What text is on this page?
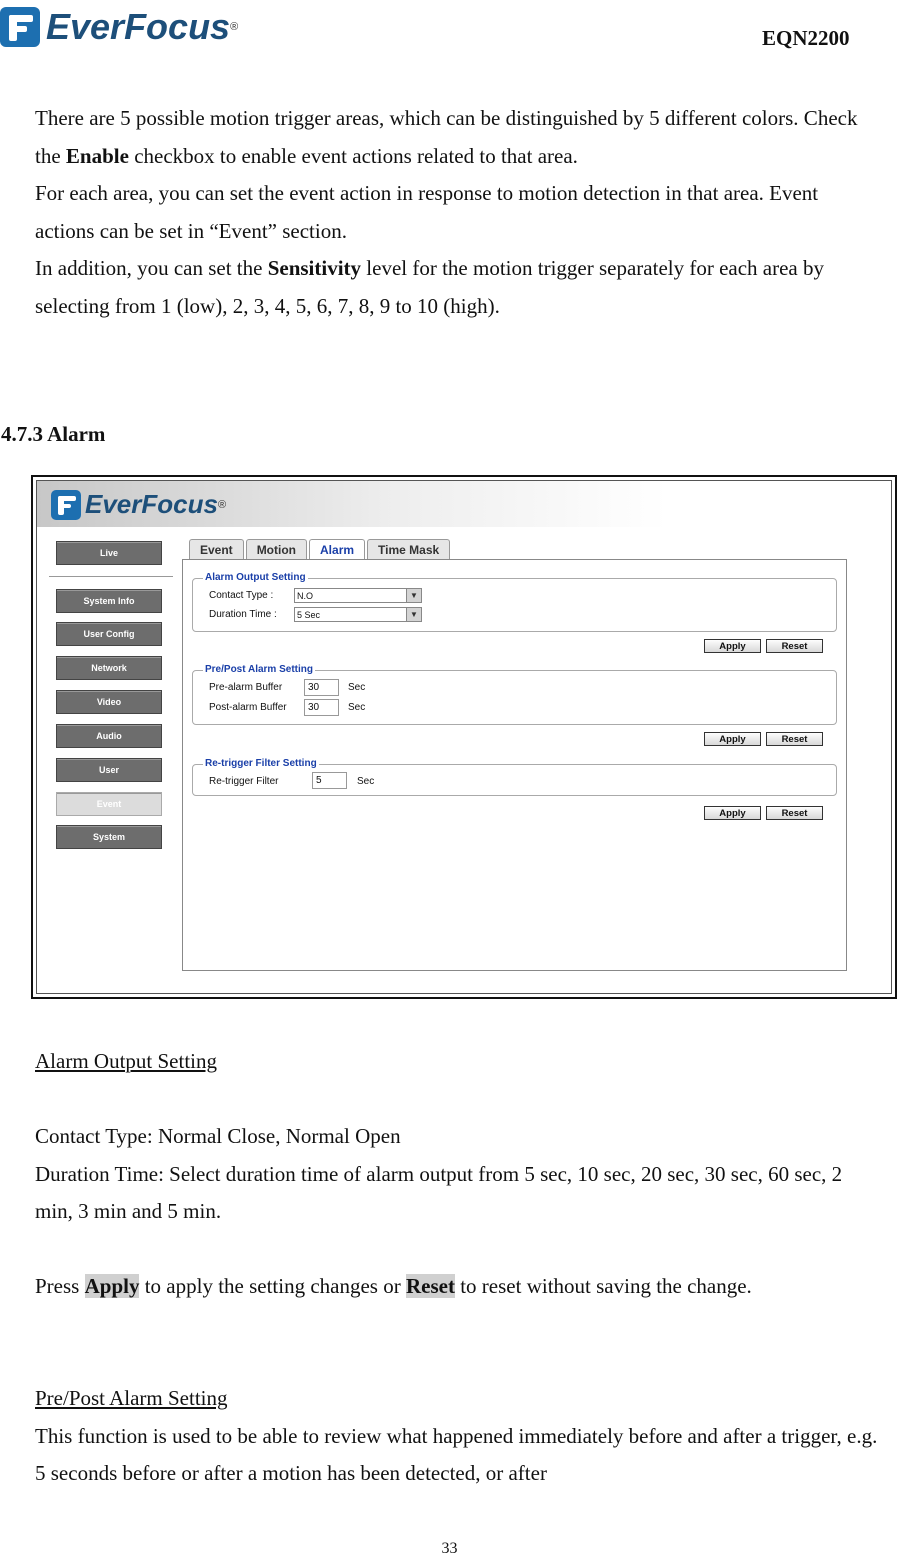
EverFocus ®	EQN2200

There are 5 possible motion trigger areas, which can be distinguished by 5 different colors. Check the Enable checkbox to enable event actions related to that area.

For each area, you can set the event action in response to motion detection in that area. Event actions can be set in “Event” section.

In addition, you can set the Sensitivity level for the motion trigger separately for each area by selecting from 1 (low), 2, 3, 4, 5, 6, 7, 8, 9 to 10 (high).

4.7.3 Alarm
EverFocus ®
Live
System Info
User Config
Network
Video
Audio
User
Event
System
Event	Motion	Alarm	Time Mask
Alarm Output Setting
Contact Type :	N.O	▼
Duration Time : 5 Sec	▼
Apply	Reset
Pre/Post Alarm Setting
Pre-alarm Buffer	30	Sec
Post-alarm Buffer	30	Sec
Apply	Reset
Re-trigger Filter Setting
Re-trigger Filter	5	Sec
Apply	Reset

Alarm Output Setting

Contact Type: Normal Close, Normal Open

Duration Time: Select duration time of alarm output from 5 sec, 10 sec, 20 sec, 30 sec, 60 sec, 2 min, 3 min and 5 min.

Press Apply to apply the setting changes or Reset to reset without saving the change.

Pre/Post Alarm Setting

This function is used to be able to review what happened immediately before and after a trigger, e.g. 5 seconds before or after a motion has been detected, or after

33
